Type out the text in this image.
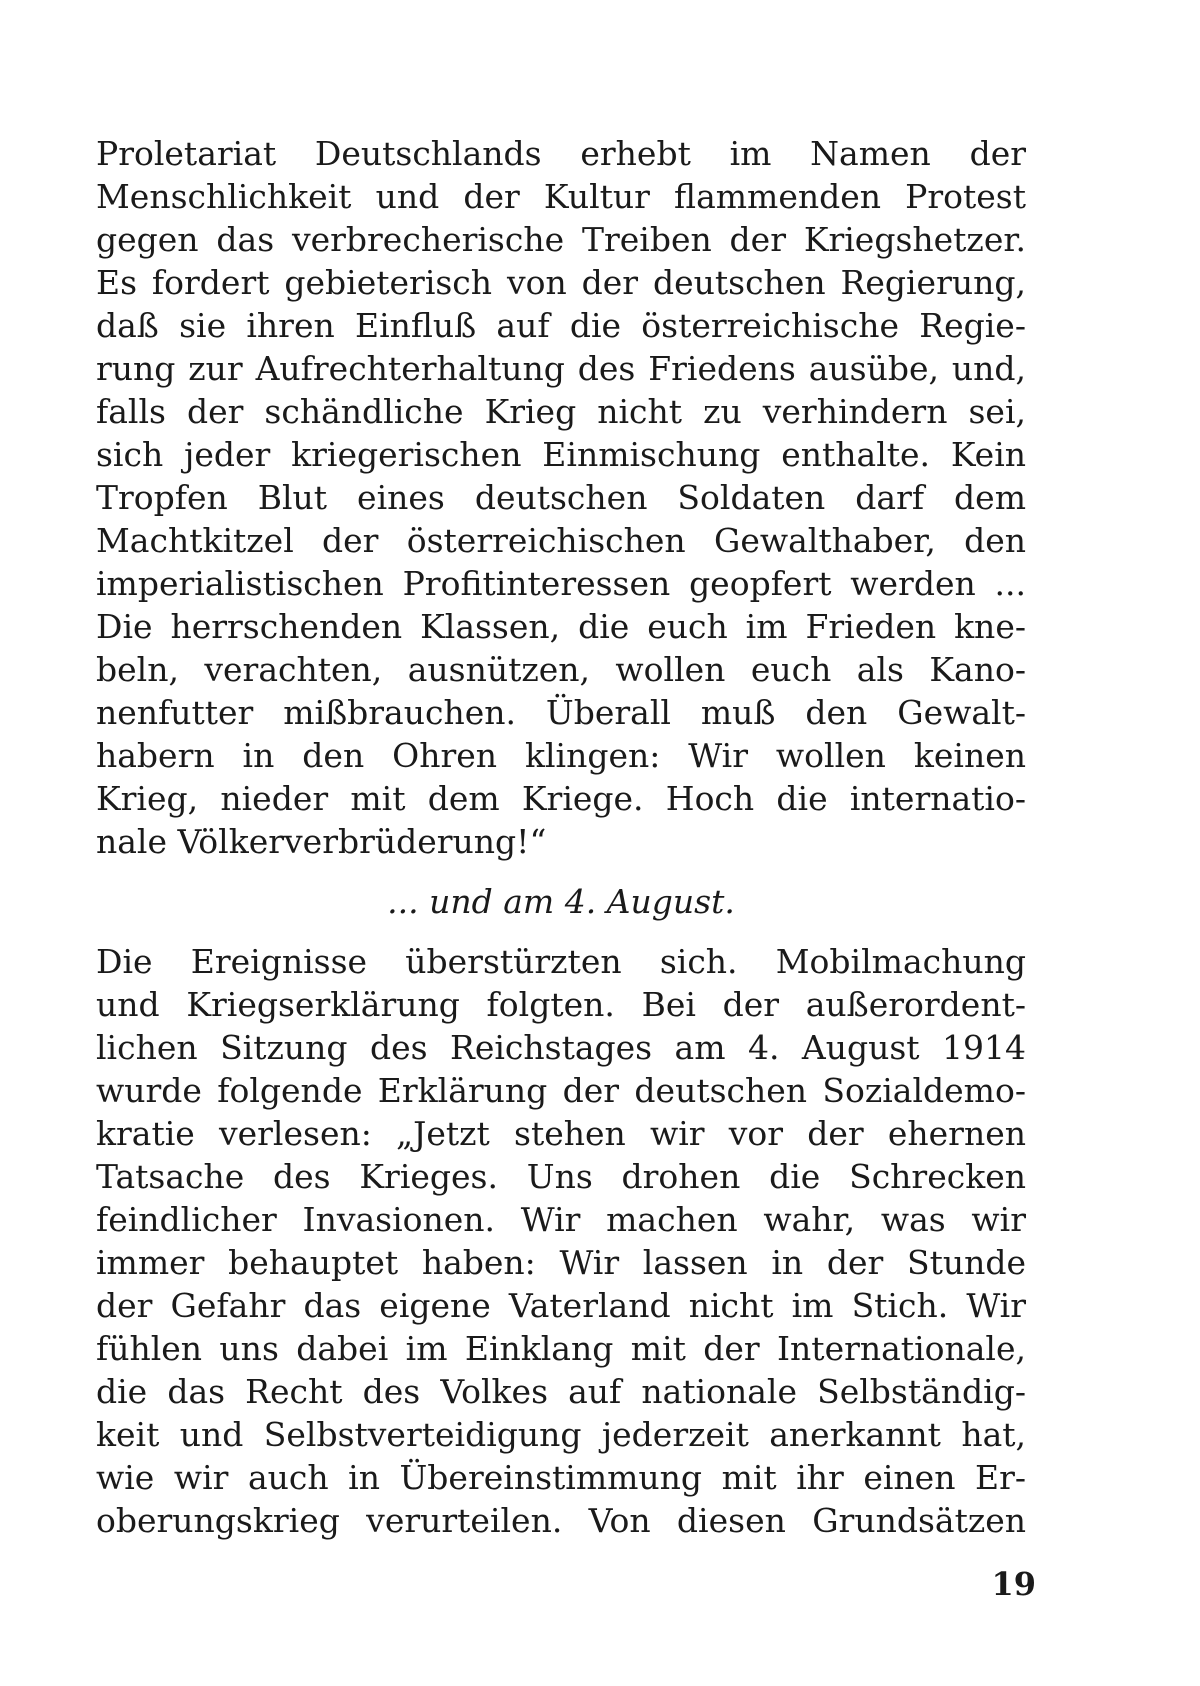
Proletariat Deutschlands erhebt im Namen der
Menschlichkeit und der Kultur flammenden Protest
gegen das verbrecherische Treiben der Kriegshetzer.
Es fordert gebieterisch von der deutschen Regierung,
daß sie ihren Einfluß auf die österreichische Regie-
rung zur Aufrechterhaltung des Friedens ausübe, und,
falls der schändliche Krieg nicht zu verhindern sei,
sich jeder kriegerischen Einmischung enthalte. Kein
Tropfen Blut eines deutschen Soldaten darf dem
Machtkitzel der österreichischen Gewalthaber, den
imperialistischen Profitinteressen geopfert werden ...
Die herrschenden Klassen, die euch im Frieden kne-
beln, verachten, ausnützen, wollen euch als Kano-
nenfutter mißbrauchen. Überall muß den Gewalt-
habern in den Ohren klingen: Wir wollen keinen
Krieg, nieder mit dem Kriege. Hoch die internatio-
nale Völkerverbrüderung!“
... und am 4. August.
Die Ereignisse überstürzten sich. Mobilmachung
und Kriegserklärung folgten. Bei der außerordent-
lichen Sitzung des Reichstages am 4. August 1914
wurde folgende Erklärung der deutschen Sozialdemo-
kratie verlesen: „Jetzt stehen wir vor der ehernen
Tatsache des Krieges. Uns drohen die Schrecken
feindlicher Invasionen. Wir machen wahr, was wir
immer behauptet haben: Wir lassen in der Stunde
der Gefahr das eigene Vaterland nicht im Stich. Wir
fühlen uns dabei im Einklang mit der Internationale,
die das Recht des Volkes auf nationale Selbständig-
keit und Selbstverteidigung jederzeit anerkannt hat,
wie wir auch in Übereinstimmung mit ihr einen Er-
oberungskrieg verurteilen. Von diesen Grundsätzen
19
